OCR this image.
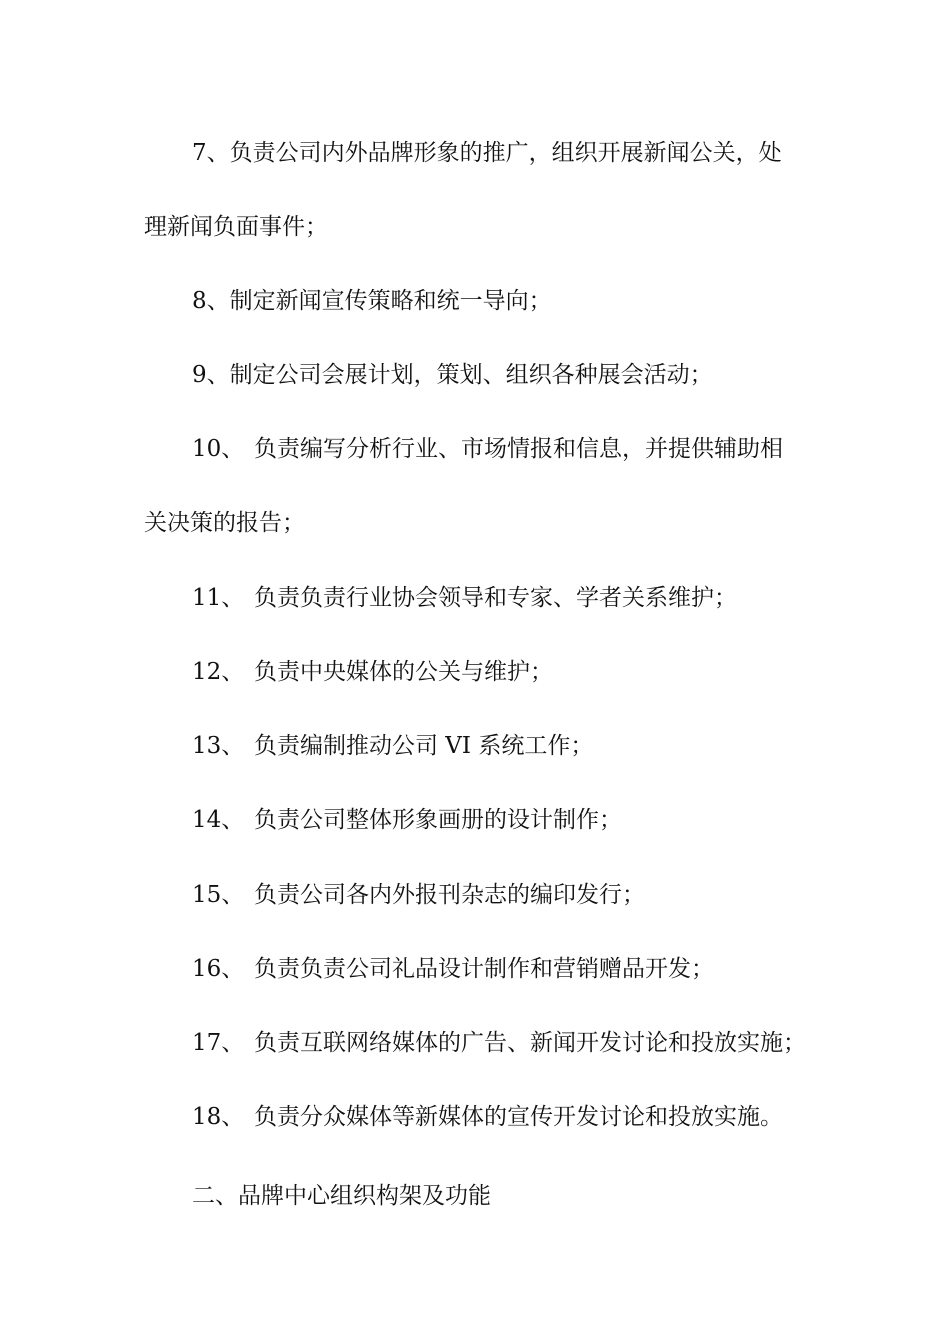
7、负责公司内外品牌形象的推广，组织开展新闻公关，处
理新闻负面事件；
8、制定新闻宣传策略和统一导向；
9、制定公司会展计划，策划、组织各种展会活动；
10、 负责编写分析行业、市场情报和信息，并提供辅助相
关决策的报告；
11、 负责负责行业协会领导和专家、学者关系维护；
12、 负责中央媒体的公关与维护；
13、 负责编制推动公司 VI 系统工作；
14、 负责公司整体形象画册的设计制作；
15、 负责公司各内外报刊杂志的编印发行；
16、 负责负责公司礼品设计制作和营销赠品开发；
17、 负责互联网络媒体的广告、新闻开发讨论和投放实施；
18、 负责分众媒体等新媒体的宣传开发讨论和投放实施。
二、品牌中心组织构架及功能
